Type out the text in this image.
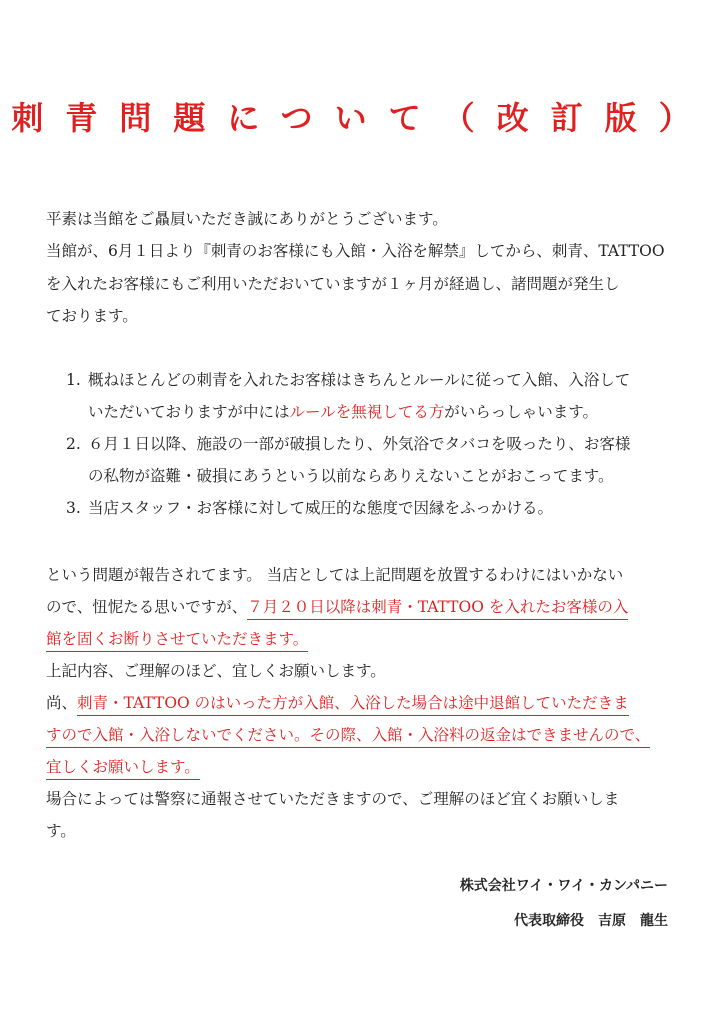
刺青問題について（改訂版）
平素は当館をご贔屓いただき誠にありがとうございます。
当館が、6月１日より『刺青のお客様にも入館・入浴を解禁』してから、刺青、TATTOO
を入れたお客様にもご利用いただおいていますが１ヶ月が経過し、諸問題が発生し
ております。
1. 概ねほとんどの刺青を入れたお客様はきちんとルールに従って入館、入浴して
いただいておりますが中にはルールを無視してる方がいらっしゃいます。
2. ６月１日以降、施設の一部が破損したり、外気浴でタバコを吸ったり、お客様
の私物が盗難・破損にあうという以前ならありえないことがおこってます。
3. 当店スタッフ・お客様に対して威圧的な態度で因縁をふっかける。
という問題が報告されてます。 当店としては上記問題を放置するわけにはいかない
ので、忸怩たる思いですが、７月２０日以降は刺青・TATTOO を入れたお客様の入
館を固くお断りさせていただきます。
上記内容、ご理解のほど、宜しくお願いします。
尚、刺青・TATTOO のはいった方が入館、入浴した場合は途中退館していただきま
すので入館・入浴しないでください。その際、入館・入浴料の返金はできませんので、
宜しくお願いします。
場合によっては警察に通報させていただきますので、ご理解のほど宜くお願いしま
す。
株式会社ワイ・ワイ・カンパニー
代表取締役　吉原　龍生
